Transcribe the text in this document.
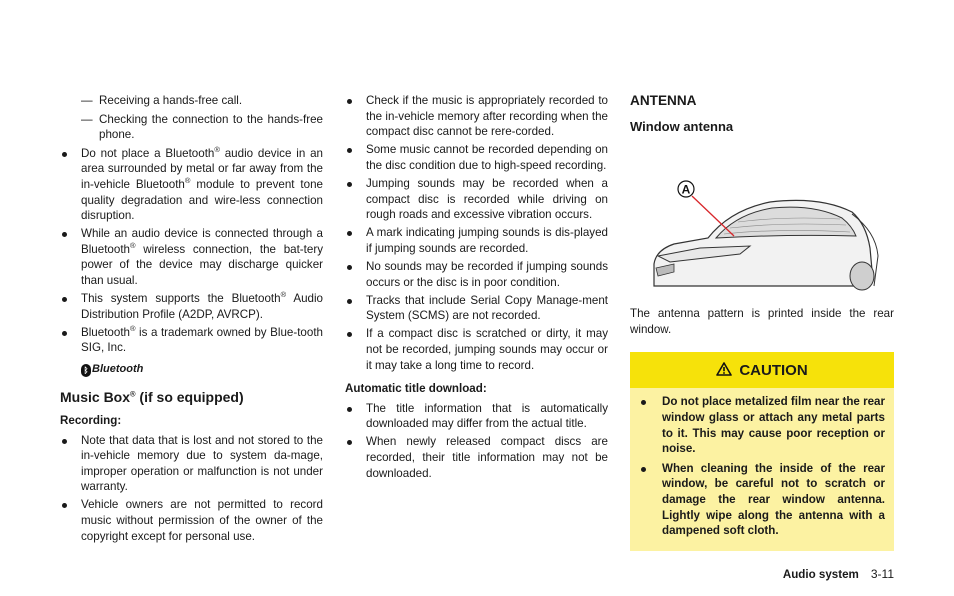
— Receiving a hands-free call.

— Checking the connection to the hands-free phone.

Do not place a Bluetooth® audio device in an area surrounded by metal or far away from the in-vehicle Bluetooth® module to prevent tone quality degradation and wire-less connection disruption.

While an audio device is connected through a Bluetooth® wireless connection, the bat-tery power of the device may discharge quicker than usual.

This system supports the Bluetooth® Audio Distribution Profile (A2DP, AVRCP).

Bluetooth® is a trademark owned by Blue-tooth SIG, Inc.

ᛒ Bluetooth
Music Box® (if so equipped)
Recording:

Note that data that is lost and not stored to the in-vehicle memory due to system da-mage, improper operation or malfunction is not under warranty.

Vehicle owners are not permitted to record music without permission of the owner of the copyright except for personal use.

Check if the music is appropriately recorded to the in-vehicle memory after recording when the compact disc cannot be rere-corded.

Some music cannot be recorded depending on the disc condition due to high-speed recording.

Jumping sounds may be recorded when a compact disc is recorded while driving on rough roads and excessive vibration occurs.

A mark indicating jumping sounds is dis-played if jumping sounds are recorded.

No sounds may be recorded if jumping sounds occurs or the disc is in poor condition.

Tracks that include Serial Copy Manage-ment System (SCMS) are not recorded.

If a compact disc is scratched or dirty, it may not be recorded, jumping sounds may occur or it may take a long time to record.

Automatic title download:

The title information that is automatically downloaded may differ from the actual title.

When newly released compact discs are recorded, their title information may not be downloaded.

ANTENNA
Window antenna
A

The antenna pattern is printed inside the rear window.

CAUTION

Do not place metalized film near the rear window glass or attach any metal parts to it. This may cause poor reception or noise.

When cleaning the inside of the rear window, be careful not to scratch or damage the rear window antenna. Lightly wipe along the antenna with a dampened soft cloth.

Audio system 3-11
